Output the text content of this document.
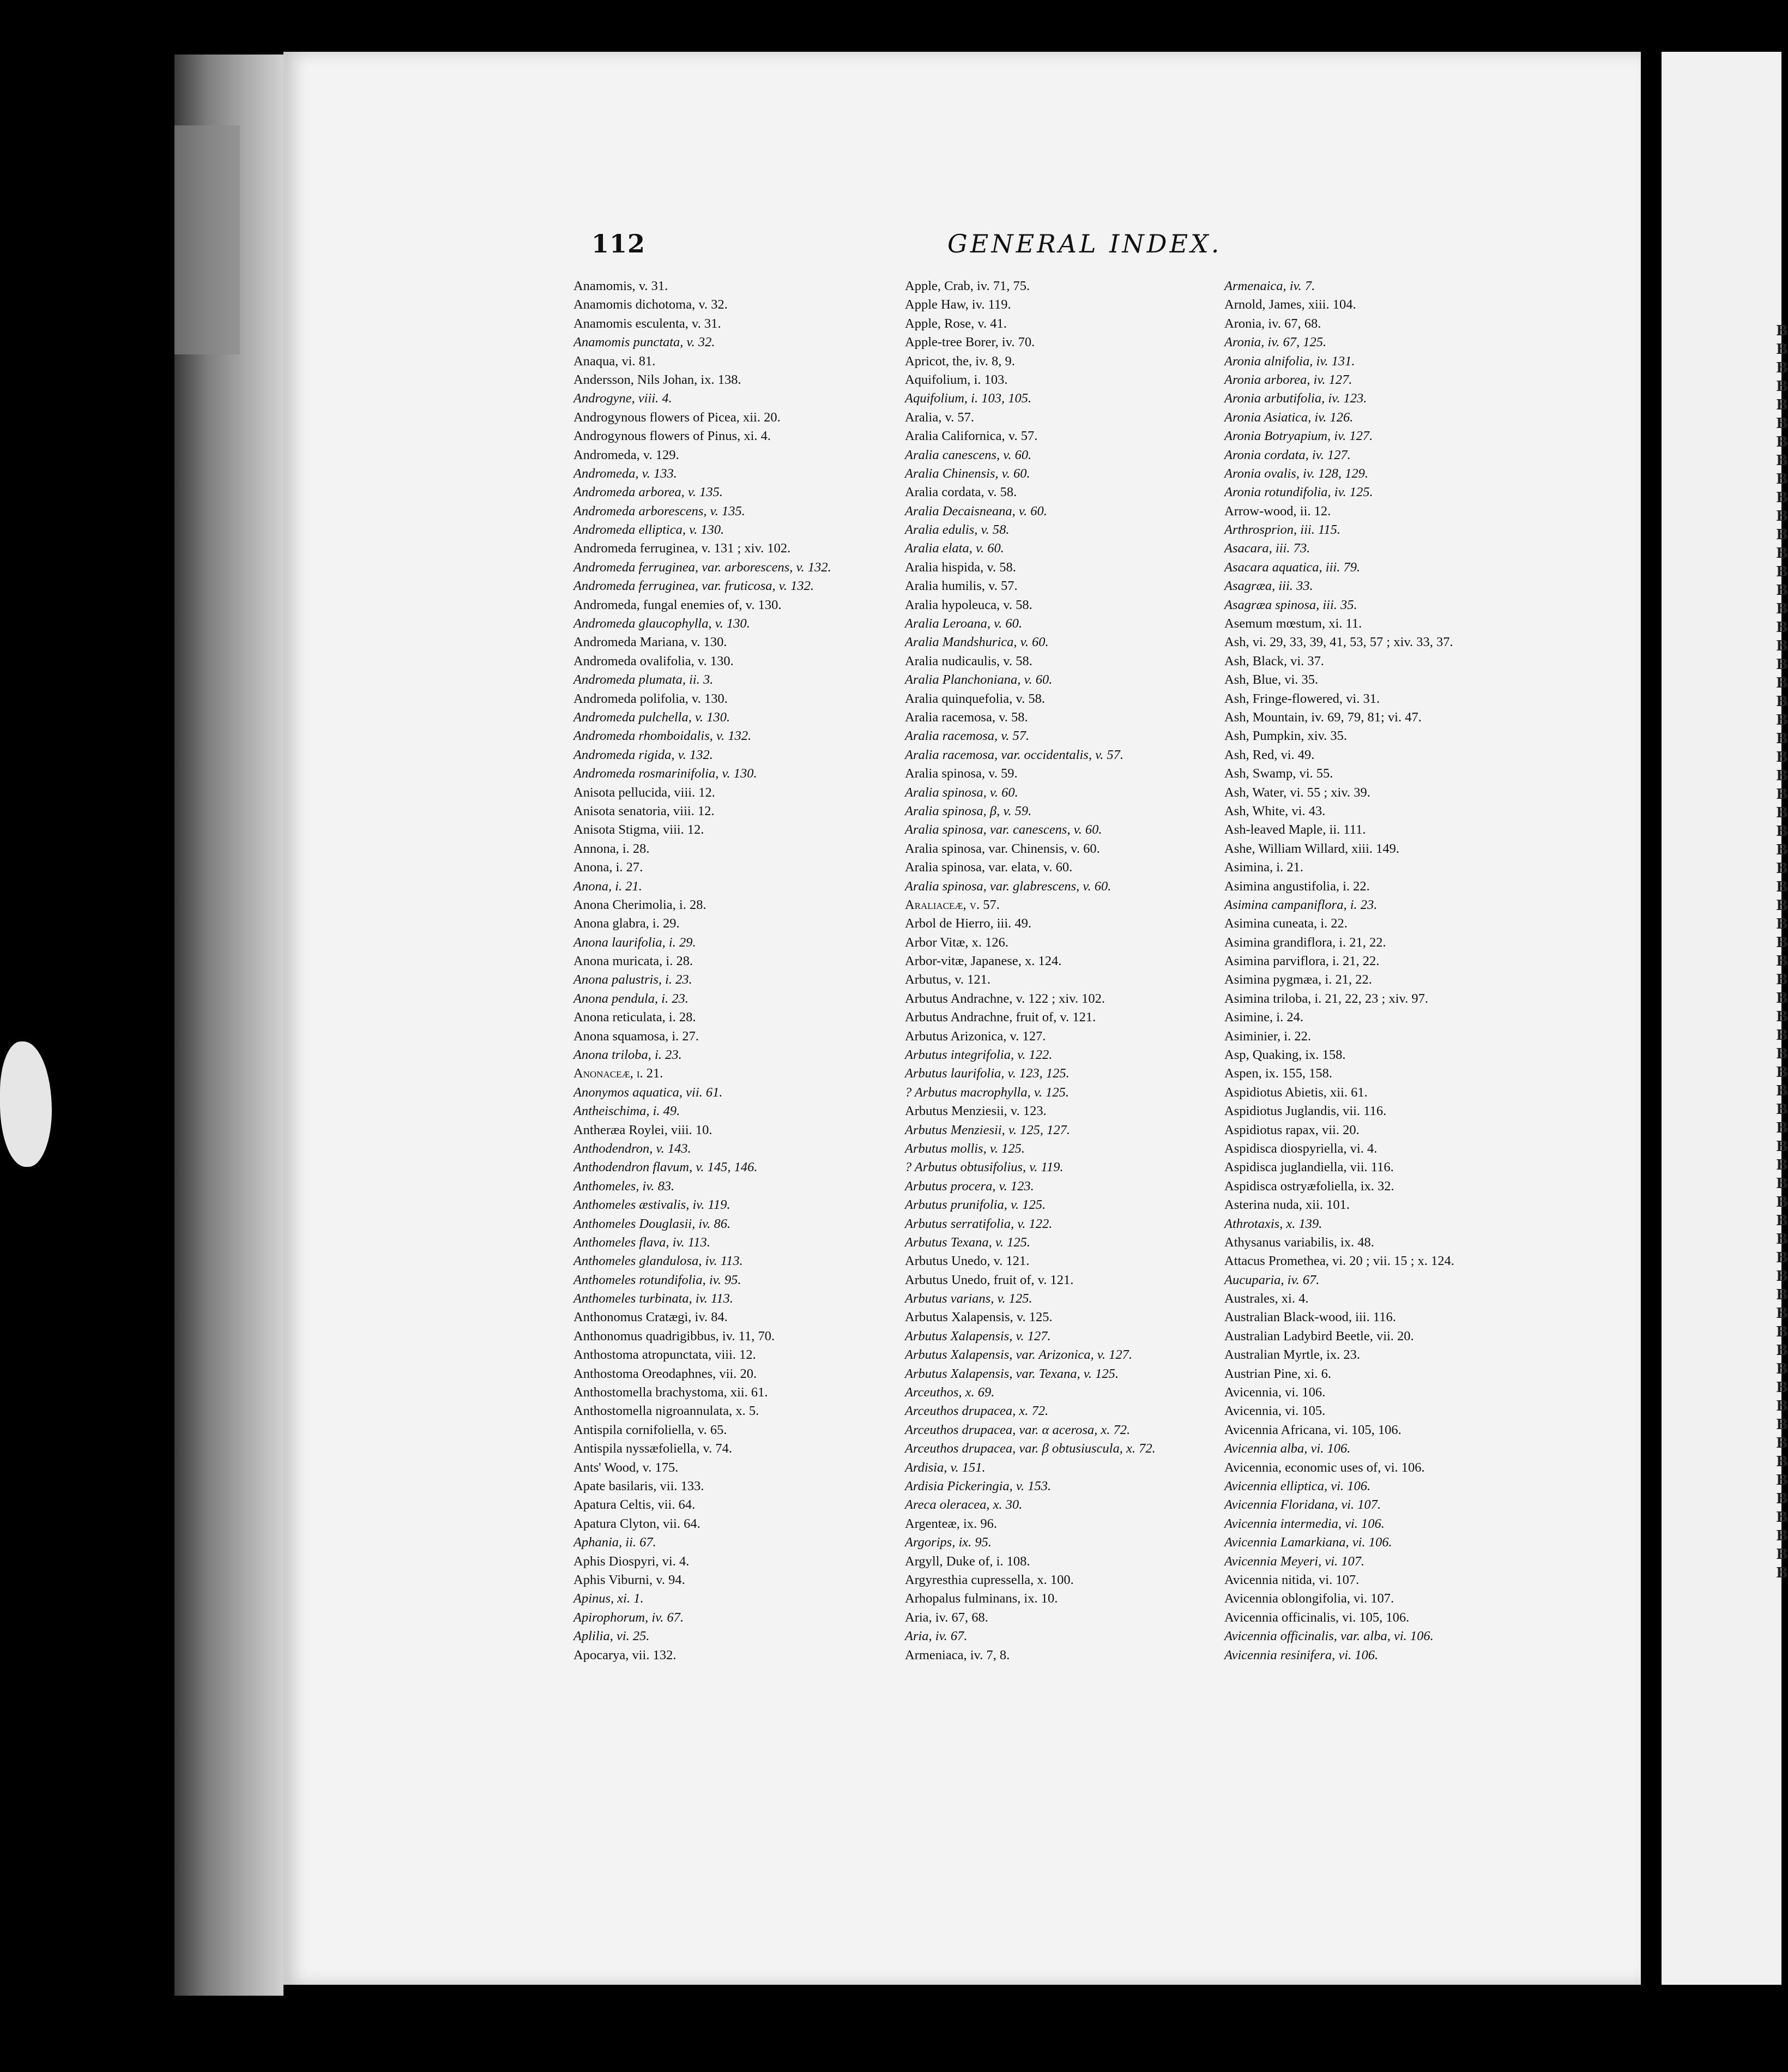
B
B
B
B
B
B
B
B
B
B
B
B
B
B
B
B
B
B
B
B
B
B
B
B
B
B
B
B
B
B
B
B
B
B
B
B
B
B
B
B
B
B
B
B
B
B
B
B
B
B
B
B
B
B
B
B
B
B
B
B
B
B
B
B
B
B
B
B
112	GENERAL INDEX.
Anamomis, v. 31.
Anamomis dichotoma, v. 32.
Anamomis esculenta, v. 31.
Anamomis punctata, v. 32.
Anaqua, vi. 81.
Andersson, Nils Johan, ix. 138.
Androgyne, viii. 4.
Androgynous flowers of Picea, xii. 20.
Androgynous flowers of Pinus, xi. 4.
Andromeda, v. 129.
Andromeda, v. 133.
Andromeda arborea, v. 135.
Andromeda arborescens, v. 135.
Andromeda elliptica, v. 130.
Andromeda ferruginea, v. 131 ; xiv. 102.
Andromeda ferruginea, var. arborescens, v. 132.
Andromeda ferruginea, var. fruticosa, v. 132.
Andromeda, fungal enemies of, v. 130.
Andromeda glaucophylla, v. 130.
Andromeda Mariana, v. 130.
Andromeda ovalifolia, v. 130.
Andromeda plumata, ii. 3.
Andromeda polifolia, v. 130.
Andromeda pulchella, v. 130.
Andromeda rhomboidalis, v. 132.
Andromeda rigida, v. 132.
Andromeda rosmarinifolia, v. 130.
Anisota pellucida, viii. 12.
Anisota senatoria, viii. 12.
Anisota Stigma, viii. 12.
Annona, i. 28.
Anona, i. 27.
Anona, i. 21.
Anona Cherimolia, i. 28.
Anona glabra, i. 29.
Anona laurifolia, i. 29.
Anona muricata, i. 28.
Anona palustris, i. 23.
Anona pendula, i. 23.
Anona reticulata, i. 28.
Anona squamosa, i. 27.
Anona triloba, i. 23.
Anonaceæ, i. 21.
Anonymos aquatica, vii. 61.
Antheischima, i. 49.
Antheræa Roylei, viii. 10.
Anthodendron, v. 143.
Anthodendron flavum, v. 145, 146.
Anthomeles, iv. 83.
Anthomeles æstivalis, iv. 119.
Anthomeles Douglasii, iv. 86.
Anthomeles flava, iv. 113.
Anthomeles glandulosa, iv. 113.
Anthomeles rotundifolia, iv. 95.
Anthomeles turbinata, iv. 113.
Anthonomus Cratægi, iv. 84.
Anthonomus quadrigibbus, iv. 11, 70.
Anthostoma atropunctata, viii. 12.
Anthostoma Oreodaphnes, vii. 20.
Anthostomella brachystoma, xii. 61.
Anthostomella nigroannulata, x. 5.
Antispila cornifoliella, v. 65.
Antispila nyssæfoliella, v. 74.
Ants' Wood, v. 175.
Apate basilaris, vii. 133.
Apatura Celtis, vii. 64.
Apatura Clyton, vii. 64.
Aphania, ii. 67.
Aphis Diospyri, vi. 4.
Aphis Viburni, v. 94.
Apinus, xi. 1.
Apirophorum, iv. 67.
Aplilia, vi. 25.
Apocarya, vii. 132.
Apple, Crab, iv. 71, 75.
Apple Haw, iv. 119.
Apple, Rose, v. 41.
Apple-tree Borer, iv. 70.
Apricot, the, iv. 8, 9.
Aquifolium, i. 103.
Aquifolium, i. 103, 105.
Aralia, v. 57.
Aralia Californica, v. 57.
Aralia canescens, v. 60.
Aralia Chinensis, v. 60.
Aralia cordata, v. 58.
Aralia Decaisneana, v. 60.
Aralia edulis, v. 58.
Aralia elata, v. 60.
Aralia hispida, v. 58.
Aralia humilis, v. 57.
Aralia hypoleuca, v. 58.
Aralia Leroana, v. 60.
Aralia Mandshurica, v. 60.
Aralia nudicaulis, v. 58.
Aralia Planchoniana, v. 60.
Aralia quinquefolia, v. 58.
Aralia racemosa, v. 58.
Aralia racemosa, v. 57.
Aralia racemosa, var. occidentalis, v. 57.
Aralia spinosa, v. 59.
Aralia spinosa, v. 60.
Aralia spinosa, β, v. 59.
Aralia spinosa, var. canescens, v. 60.
Aralia spinosa, var. Chinensis, v. 60.
Aralia spinosa, var. elata, v. 60.
Aralia spinosa, var. glabrescens, v. 60.
Araliaceæ, v. 57.
Arbol de Hierro, iii. 49.
Arbor Vitæ, x. 126.
Arbor-vitæ, Japanese, x. 124.
Arbutus, v. 121.
Arbutus Andrachne, v. 122 ; xiv. 102.
Arbutus Andrachne, fruit of, v. 121.
Arbutus Arizonica, v. 127.
Arbutus integrifolia, v. 122.
Arbutus laurifolia, v. 123, 125.
? Arbutus macrophylla, v. 125.
Arbutus Menziesii, v. 123.
Arbutus Menziesii, v. 125, 127.
Arbutus mollis, v. 125.
? Arbutus obtusifolius, v. 119.
Arbutus procera, v. 123.
Arbutus prunifolia, v. 125.
Arbutus serratifolia, v. 122.
Arbutus Texana, v. 125.
Arbutus Unedo, v. 121.
Arbutus Unedo, fruit of, v. 121.
Arbutus varians, v. 125.
Arbutus Xalapensis, v. 125.
Arbutus Xalapensis, v. 127.
Arbutus Xalapensis, var. Arizonica, v. 127.
Arbutus Xalapensis, var. Texana, v. 125.
Arceuthos, x. 69.
Arceuthos drupacea, x. 72.
Arceuthos drupacea, var. α acerosa, x. 72.
Arceuthos drupacea, var. β obtusiuscula, x. 72.
Ardisia, v. 151.
Ardisia Pickeringia, v. 153.
Areca oleracea, x. 30.
Argenteæ, ix. 96.
Argorips, ix. 95.
Argyll, Duke of, i. 108.
Argyresthia cupressella, x. 100.
Arhopalus fulminans, ix. 10.
Aria, iv. 67, 68.
Aria, iv. 67.
Armeniaca, iv. 7, 8.
Armenaica, iv. 7.
Arnold, James, xiii. 104.
Aronia, iv. 67, 68.
Aronia, iv. 67, 125.
Aronia alnifolia, iv. 131.
Aronia arborea, iv. 127.
Aronia arbutifolia, iv. 123.
Aronia Asiatica, iv. 126.
Aronia Botryapium, iv. 127.
Aronia cordata, iv. 127.
Aronia ovalis, iv. 128, 129.
Aronia rotundifolia, iv. 125.
Arrow-wood, ii. 12.
Arthrosprion, iii. 115.
Asacara, iii. 73.
Asacara aquatica, iii. 79.
Asagræa, iii. 33.
Asagræa spinosa, iii. 35.
Asemum mœstum, xi. 11.
Ash, vi. 29, 33, 39, 41, 53, 57 ; xiv. 33, 37.
Ash, Black, vi. 37.
Ash, Blue, vi. 35.
Ash, Fringe-flowered, vi. 31.
Ash, Mountain, iv. 69, 79, 81; vi. 47.
Ash, Pumpkin, xiv. 35.
Ash, Red, vi. 49.
Ash, Swamp, vi. 55.
Ash, Water, vi. 55 ; xiv. 39.
Ash, White, vi. 43.
Ash-leaved Maple, ii. 111.
Ashe, William Willard, xiii. 149.
Asimina, i. 21.
Asimina angustifolia, i. 22.
Asimina campaniflora, i. 23.
Asimina cuneata, i. 22.
Asimina grandiflora, i. 21, 22.
Asimina parviflora, i. 21, 22.
Asimina pygmæa, i. 21, 22.
Asimina triloba, i. 21, 22, 23 ; xiv. 97.
Asimine, i. 24.
Asiminier, i. 22.
Asp, Quaking, ix. 158.
Aspen, ix. 155, 158.
Aspidiotus Abietis, xii. 61.
Aspidiotus Juglandis, vii. 116.
Aspidiotus rapax, vii. 20.
Aspidisca diospyriella, vi. 4.
Aspidisca juglandiella, vii. 116.
Aspidisca ostryæfoliella, ix. 32.
Asterina nuda, xii. 101.
Athrotaxis, x. 139.
Athysanus variabilis, ix. 48.
Attacus Promethea, vi. 20 ; vii. 15 ; x. 124.
Aucuparia, iv. 67.
Australes, xi. 4.
Australian Black-wood, iii. 116.
Australian Ladybird Beetle, vii. 20.
Australian Myrtle, ix. 23.
Austrian Pine, xi. 6.
Avicennia, vi. 106.
Avicennia, vi. 105.
Avicennia Africana, vi. 105, 106.
Avicennia alba, vi. 106.
Avicennia, economic uses of, vi. 106.
Avicennia elliptica, vi. 106.
Avicennia Floridana, vi. 107.
Avicennia intermedia, vi. 106.
Avicennia Lamarkiana, vi. 106.
Avicennia Meyeri, vi. 107.
Avicennia nitida, vi. 107.
Avicennia oblongifolia, vi. 107.
Avicennia officinalis, vi. 105, 106.
Avicennia officinalis, var. alba, vi. 106.
Avicennia resinifera, vi. 106.
